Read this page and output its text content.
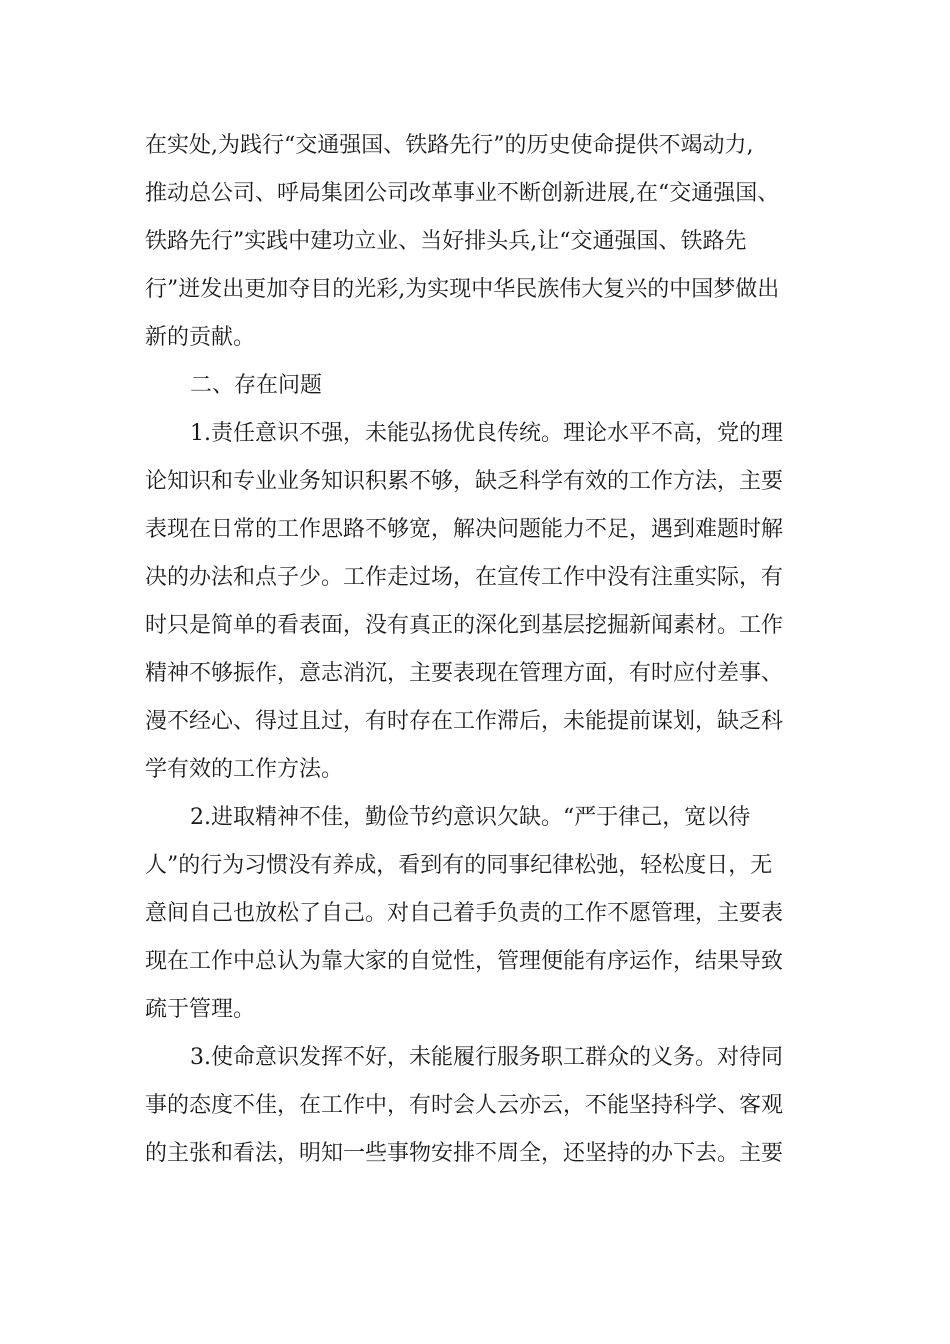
在实处,为践行“交通强国、铁路先行”的历史使命提供不竭动力,
推动总公司、呼局集团公司改革事业不断创新进展,在“交通强国、
铁路先行”实践中建功立业、当好排头兵,让“交通强国、铁路先
行”迸发出更加夺目的光彩,为实现中华民族伟大复兴的中国梦做出
新的贡献。
二、存在问题
1.责任意识不强，未能弘扬优良传统。理论水平不高，党的理
论知识和专业业务知识积累不够，缺乏科学有效的工作方法，主要
表现在日常的工作思路不够宽，解决问题能力不足，遇到难题时解
决的办法和点子少。工作走过场，在宣传工作中没有注重实际，有
时只是简单的看表面，没有真正的深化到基层挖掘新闻素材。工作
精神不够振作，意志消沉，主要表现在管理方面，有时应付差事、
漫不经心、得过且过，有时存在工作滞后，未能提前谋划，缺乏科
学有效的工作方法。
2.进取精神不佳，勤俭节约意识欠缺。“严于律己，宽以待
人”的行为习惯没有养成，看到有的同事纪律松弛，轻松度日，无
意间自己也放松了自己。对自己着手负责的工作不愿管理，主要表
现在工作中总认为靠大家的自觉性，管理便能有序运作，结果导致
疏于管理。
3.使命意识发挥不好，未能履行服务职工群众的义务。对待同
事的态度不佳，在工作中，有时会人云亦云，不能坚持科学、客观
的主张和看法，明知一些事物安排不周全，还坚持的办下去。主要
